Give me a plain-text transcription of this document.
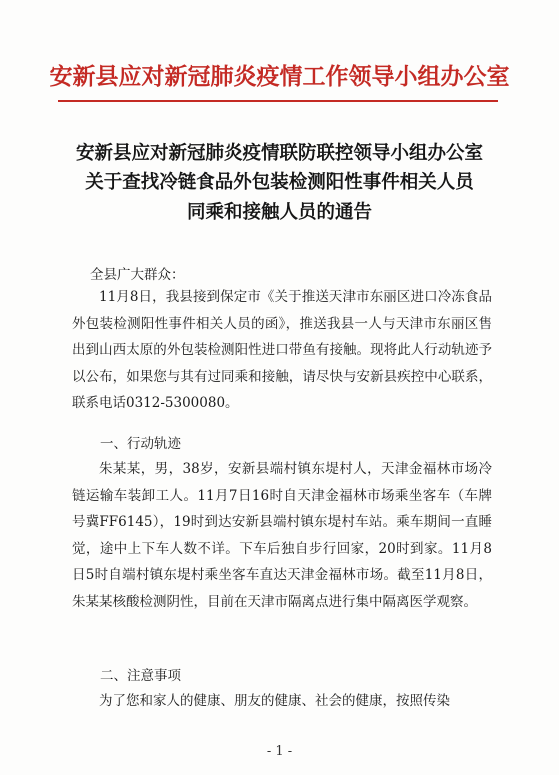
安新县应对新冠肺炎疫情工作领导小组办公室
安新县应对新冠肺炎疫情联防联控领导小组办公室
关于查找冷链食品外包装检测阳性事件相关人员
同乘和接触人员的通告
全县广大群众：

11月8日，我县接到保定市《关于推送天津市东丽区进口冷冻食品外包装检测阳性事件相关人员的函》，推送我县一人与天津市东丽区售出到山西太原的外包装检测阳性进口带鱼有接触。现将此人行动轨迹予以公布，如果您与其有过同乘和接触，请尽快与安新县疾控中心联系，联系电话0312-5300080。

一、行动轨迹

朱某某，男，38岁，安新县端村镇东堤村人，天津金福林市场冷链运输车装卸工人。11月7日16时自天津金福林市场乘坐客车（车牌号冀FF6145），19时到达安新县端村镇东堤村车站。乘车期间一直睡觉，途中上下车人数不详。下车后独自步行回家，20时到家。11月8日5时自端村镇东堤村乘坐客车直达天津金福林市场。截至11月8日，朱某某核酸检测阴性，目前在天津市隔离点进行集中隔离医学观察。

二、注意事项

为了您和家人的健康、朋友的健康、社会的健康，按照传染

- 1 -
